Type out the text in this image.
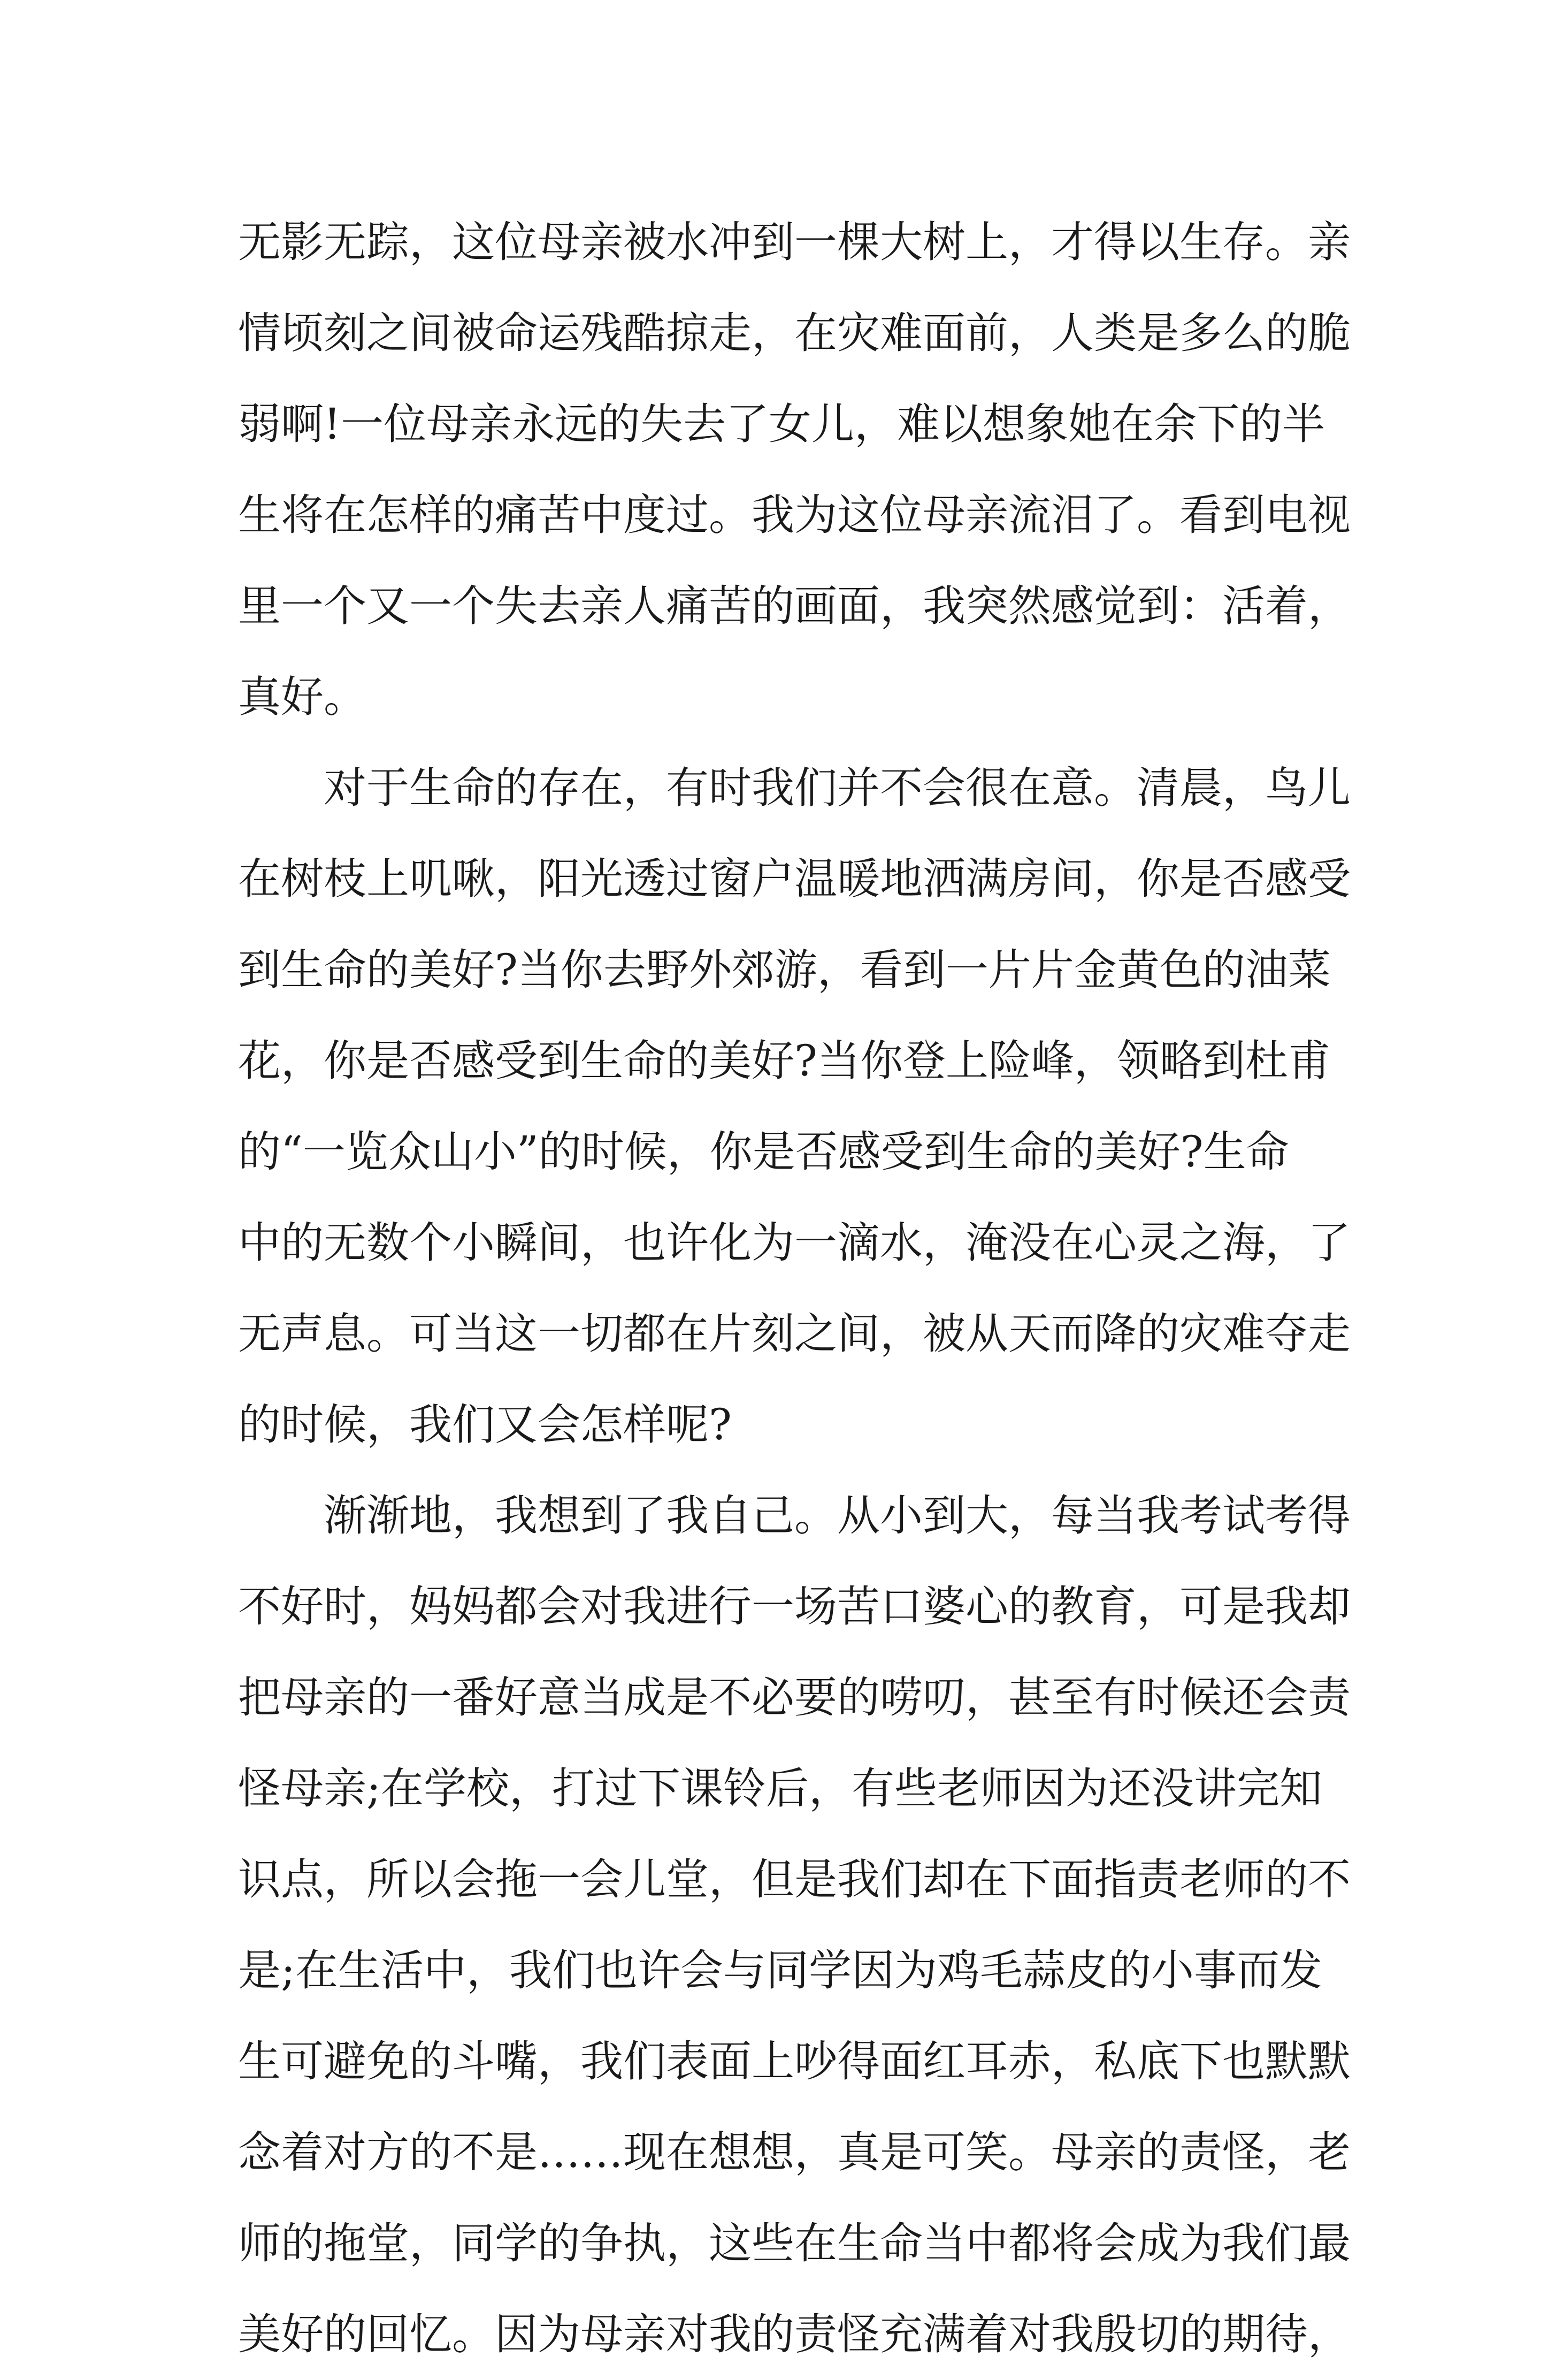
无影无踪，这位母亲被水冲到一棵大树上，才得以生存。亲
情顷刻之间被命运残酷掠走，在灾难面前，人类是多么的脆
弱啊!一位母亲永远的失去了女儿，难以想象她在余下的半
生将在怎样的痛苦中度过。我为这位母亲流泪了。看到电视
里一个又一个失去亲人痛苦的画面，我突然感觉到：活着，
真好。
对于生命的存在，有时我们并不会很在意。清晨，鸟儿
在树枝上叽啾，阳光透过窗户温暖地洒满房间，你是否感受
到生命的美好?当你去野外郊游，看到一片片金黄色的油菜
花，你是否感受到生命的美好?当你登上险峰，领略到杜甫
的“一览众山小”的时候，你是否感受到生命的美好?生命
中的无数个小瞬间，也许化为一滴水，淹没在心灵之海，了
无声息。可当这一切都在片刻之间，被从天而降的灾难夺走
的时候，我们又会怎样呢?
渐渐地，我想到了我自己。从小到大，每当我考试考得
不好时，妈妈都会对我进行一场苦口婆心的教育，可是我却
把母亲的一番好意当成是不必要的唠叨，甚至有时候还会责
怪母亲;在学校，打过下课铃后，有些老师因为还没讲完知
识点，所以会拖一会儿堂，但是我们却在下面指责老师的不
是;在生活中，我们也许会与同学因为鸡毛蒜皮的小事而发
生可避免的斗嘴，我们表面上吵得面红耳赤，私底下也默默
念着对方的不是……现在想想，真是可笑。母亲的责怪，老
师的拖堂，同学的争执，这些在生命当中都将会成为我们最
美好的回忆。因为母亲对我的责怪充满着对我殷切的期待，
